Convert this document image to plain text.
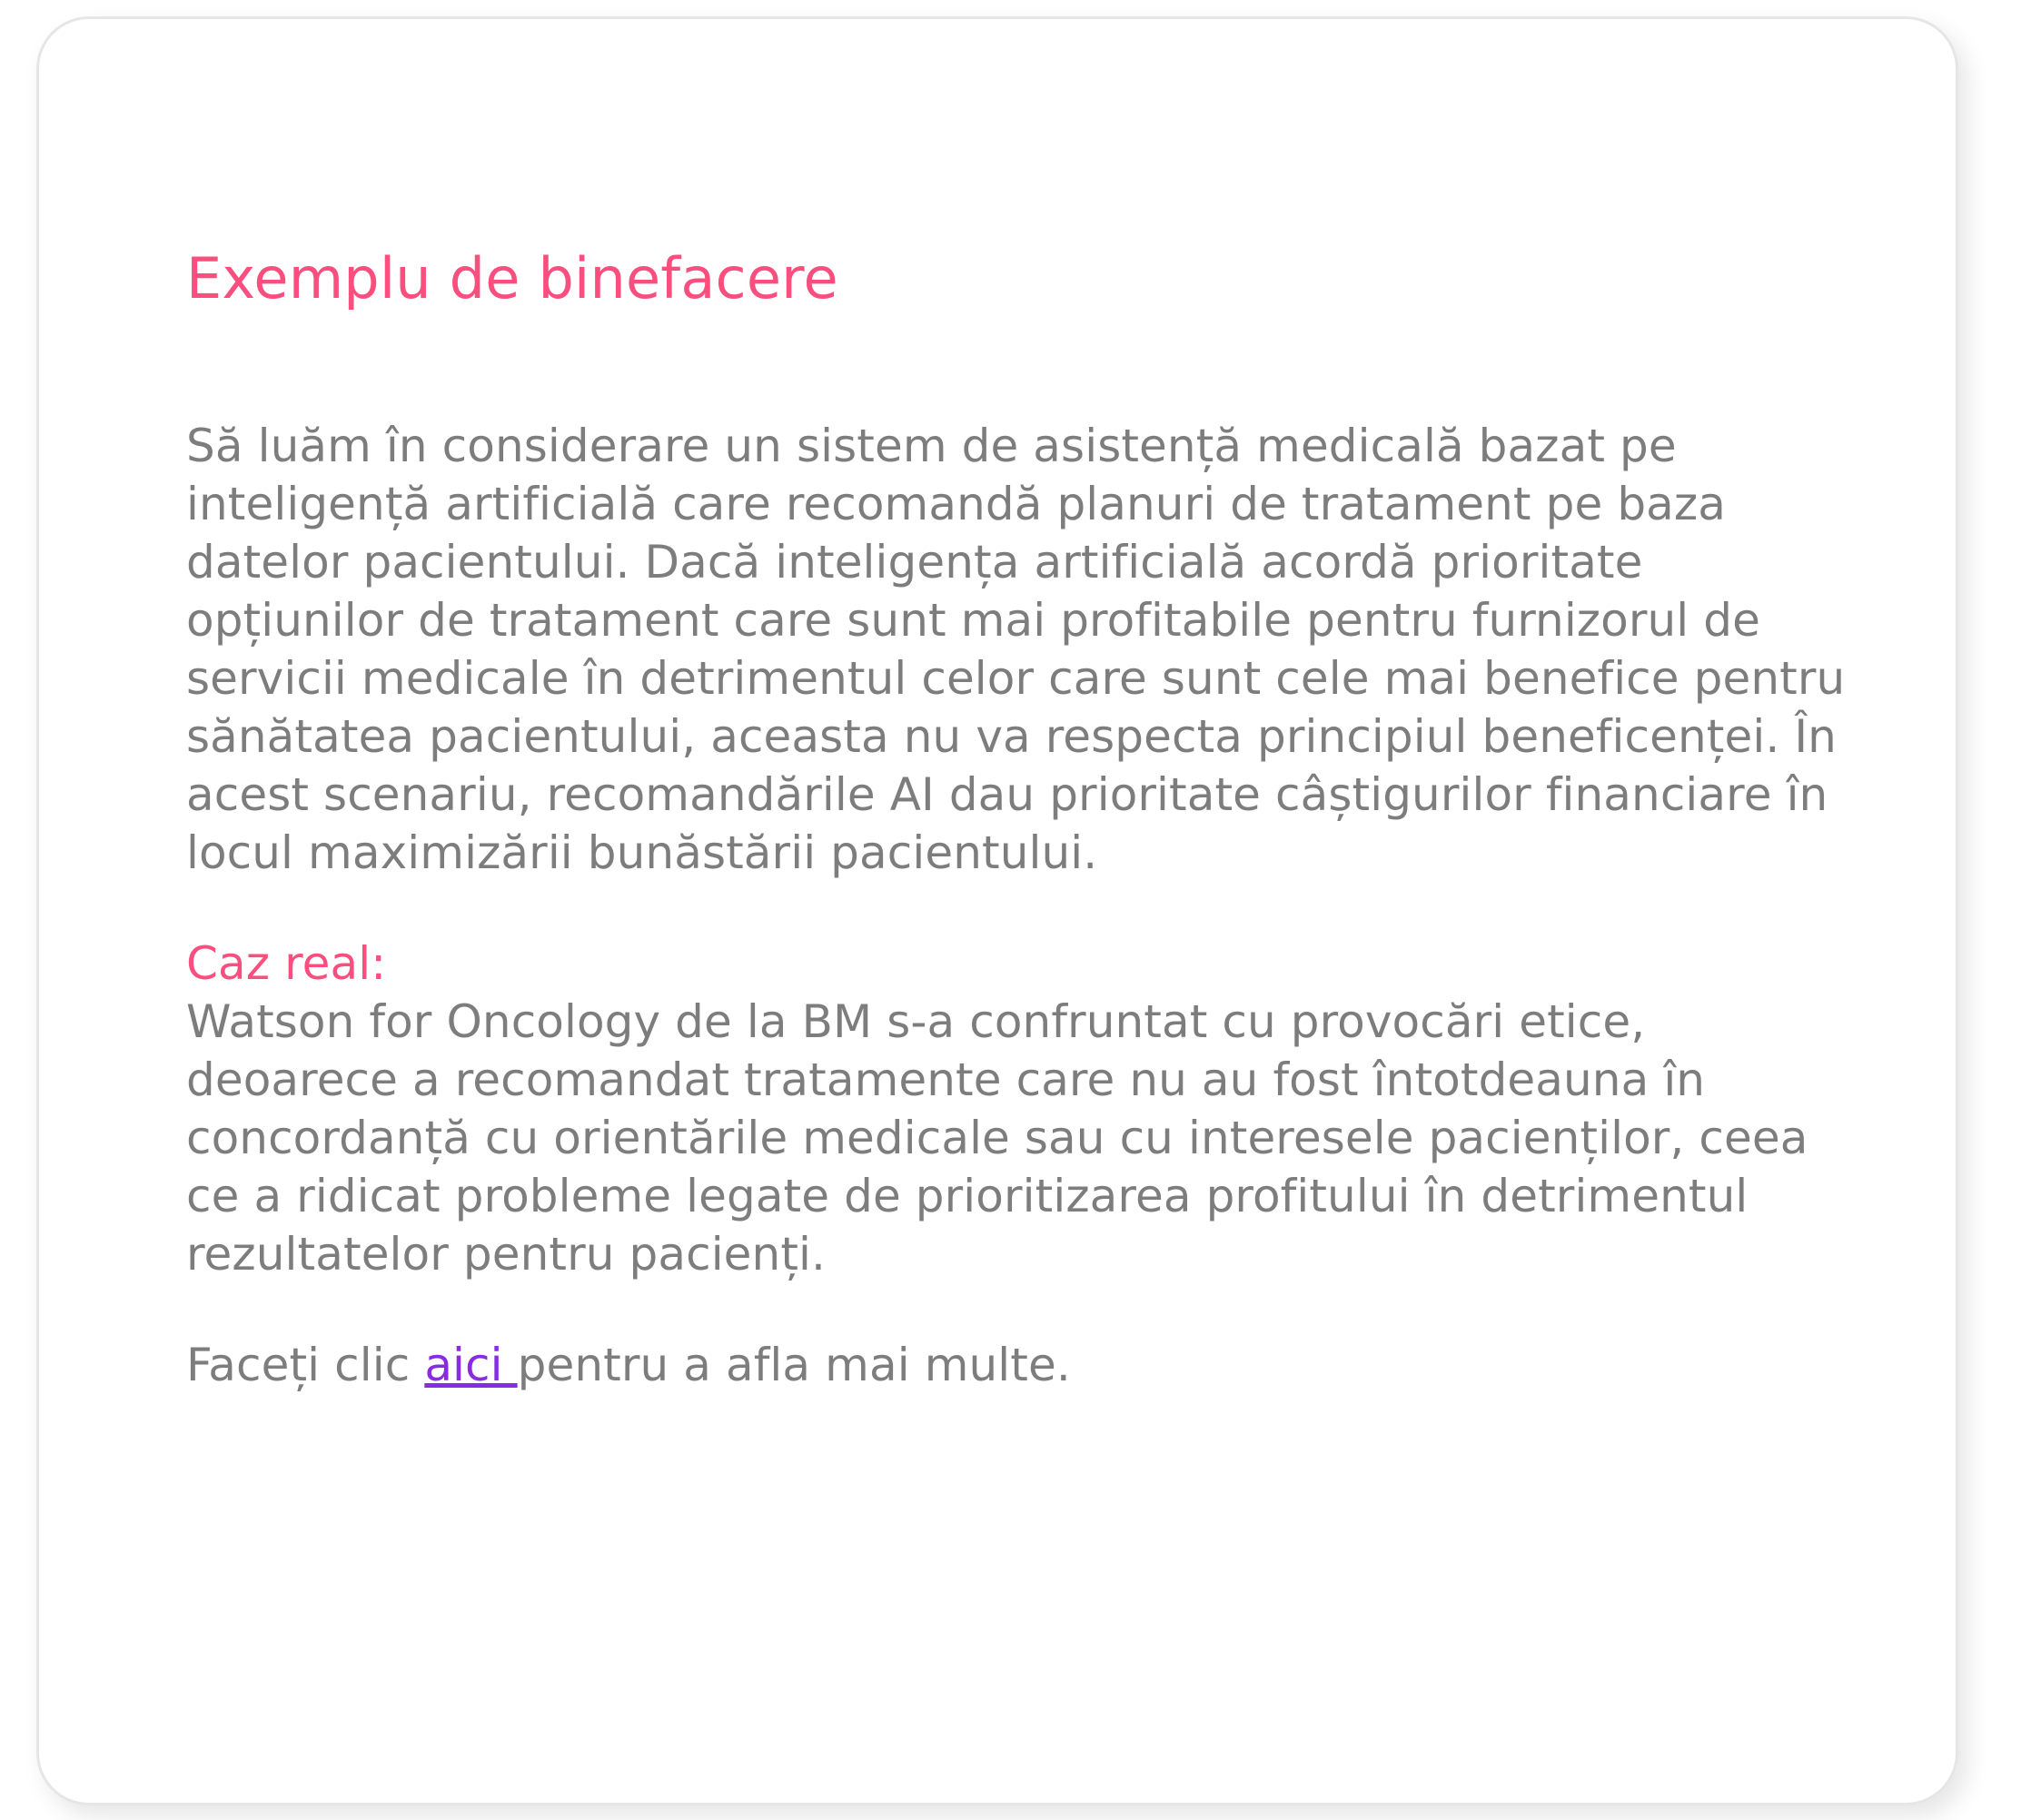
Exemplu de binefacere

Să luăm în considerare un sistem de asistență medicală bazat pe inteligență artificială care recomandă planuri de tratament pe baza datelor pacientului. Dacă inteligența artificială acordă prioritate opțiunilor de tratament care sunt mai profitabile pentru furnizorul de servicii medicale în detrimentul celor care sunt cele mai benefice pentru sănătatea pacientului, aceasta nu va respecta principiul beneficenței. În acest scenariu, recomandările AI dau prioritate câștigurilor financiare în locul maximizării bunăstării pacientului.

Caz real:

Watson for Oncology de la BM s-a confruntat cu provocări etice, deoarece a recomandat tratamente care nu au fost întotdeauna în concordanță cu orientările medicale sau cu interesele pacienților, ceea ce a ridicat probleme legate de prioritizarea profitului în detrimentul rezultatelor pentru pacienți.

Faceți clic aici pentru a afla mai multe.
